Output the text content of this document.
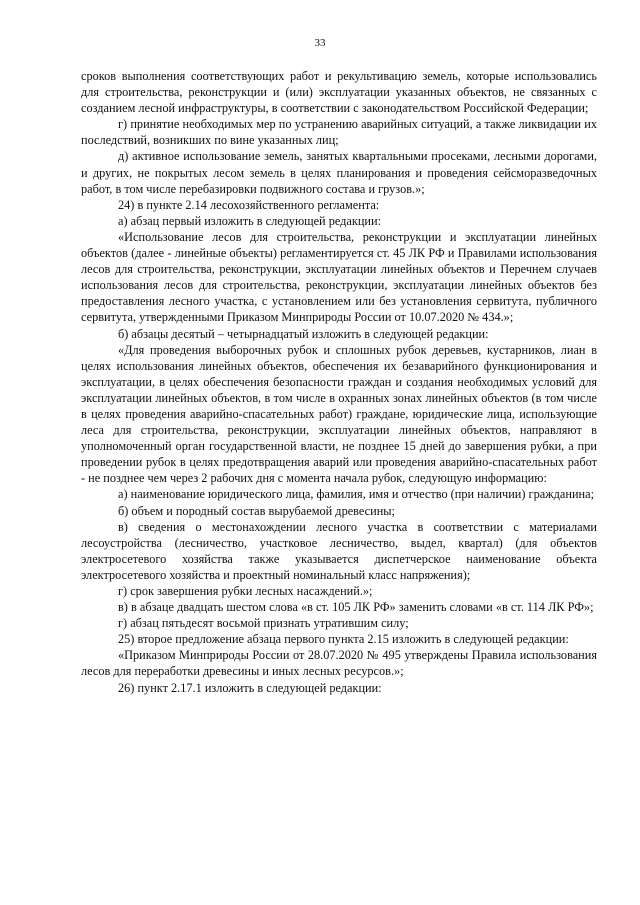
33

сроков выполнения соответствующих работ и рекультивацию земель, которые использовались для строительства, реконструкции и (или) эксплуатации указанных объектов, не связанных с созданием лесной инфраструктуры, в соответствии с законодательством Российской Федерации;

г) принятие необходимых мер по устранению аварийных ситуаций, а также ликвидации их последствий, возникших по вине указанных лиц;

д) активное использование земель, занятых квартальными просеками, лесными дорогами, и других, не покрытых лесом земель в целях планирования и проведения сейсморазведочных работ, в том числе перебазировки подвижного состава и грузов.»;

24) в пункте 2.14 лесохозяйственного регламента:

а) абзац первый изложить в следующей редакции:

«Использование лесов для строительства, реконструкции и эксплуатации линейных объектов (далее - линейные объекты) регламентируется ст. 45 ЛК РФ и Правилами использования лесов для строительства, реконструкции, эксплуатации линейных объектов и Перечнем случаев использования лесов для строительства, реконструкции, эксплуатации линейных объектов без предоставления лесного участка, с установлением или без установления сервитута, публичного сервитута, утвержденными Приказом Минприроды России от 10.07.2020 № 434.»;

б) абзацы десятый – четырнадцатый изложить в следующей редакции:

«Для проведения выборочных рубок и сплошных рубок деревьев, кустарников, лиан в целях использования линейных объектов, обеспечения их безаварийного функционирования и эксплуатации, в целях обеспечения безопасности граждан и создания необходимых условий для эксплуатации линейных объектов, в том числе в охранных зонах линейных объектов (в том числе в целях проведения аварийно-спасательных работ) граждане, юридические лица, использующие леса для строительства, реконструкции, эксплуатации линейных объектов, направляют в уполномоченный орган государственной власти, не позднее 15 дней до завершения рубки, а при проведении рубок в целях предотвращения аварий или проведения аварийно-спасательных работ - не позднее чем через 2 рабочих дня с момента начала рубок, следующую информацию:

а) наименование юридического лица, фамилия, имя и отчество (при наличии) гражданина;

б) объем и породный состав вырубаемой древесины;

в) сведения о местонахождении лесного участка в соответствии с материалами лесоустройства (лесничество, участковое лесничество, выдел, квартал) (для объектов электросетевого хозяйства также указывается диспетчерское наименование объекта электросетевого хозяйства и проектный номинальный класс напряжения);

г) срок завершения рубки лесных насаждений.»;

в) в абзаце двадцать шестом слова «в ст. 105 ЛК РФ» заменить словами «в ст. 114 ЛК РФ»;

г) абзац пятьдесят восьмой признать утратившим силу;

25) второе предложение абзаца первого пункта 2.15 изложить в следующей редакции:

«Приказом Минприроды России от 28.07.2020 № 495 утверждены Правила использования лесов для переработки древесины и иных лесных ресурсов.»;

26) пункт 2.17.1 изложить в следующей редакции:
